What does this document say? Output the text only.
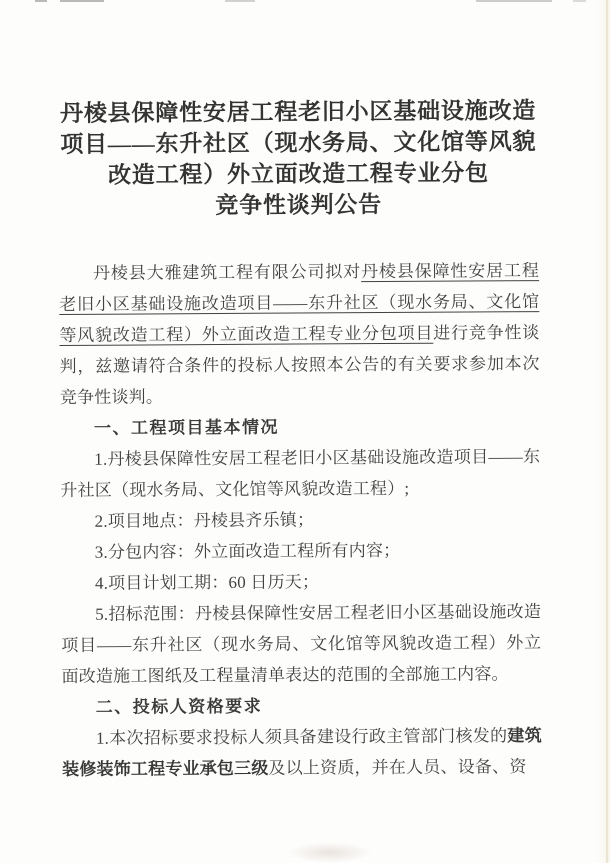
丹棱县保障性安居工程老旧小区基础设施改造
项目——东升社区（现水务局、文化馆等风貌
改造工程）外立面改造工程专业分包
竞争性谈判公告

丹棱县大雅建筑工程有限公司拟对丹棱县保障性安居工程老旧小区基础设施改造项目——东升社区（现水务局、文化馆等风貌改造工程）外立面改造工程专业分包项目进行竞争性谈判，兹邀请符合条件的投标人按照本公告的有关要求参加本次竞争性谈判。

一、工程项目基本情况

1.丹棱县保障性安居工程老旧小区基础设施改造项目——东升社区（现水务局、文化馆等风貌改造工程）;

2.项目地点：丹棱县齐乐镇；

3.分包内容：外立面改造工程所有内容；

4.项目计划工期：60 日历天；

5.招标范围：丹棱县保障性安居工程老旧小区基础设施改造项目——东升社区（现水务局、文化馆等风貌改造工程）外立面改造施工图纸及工程量清单表达的范围的全部施工内容。

二、投标人资格要求

1.本次招标要求投标人须具备建设行政主管部门核发的建筑装修装饰工程专业承包三级及以上资质，并在人员、设备、资
